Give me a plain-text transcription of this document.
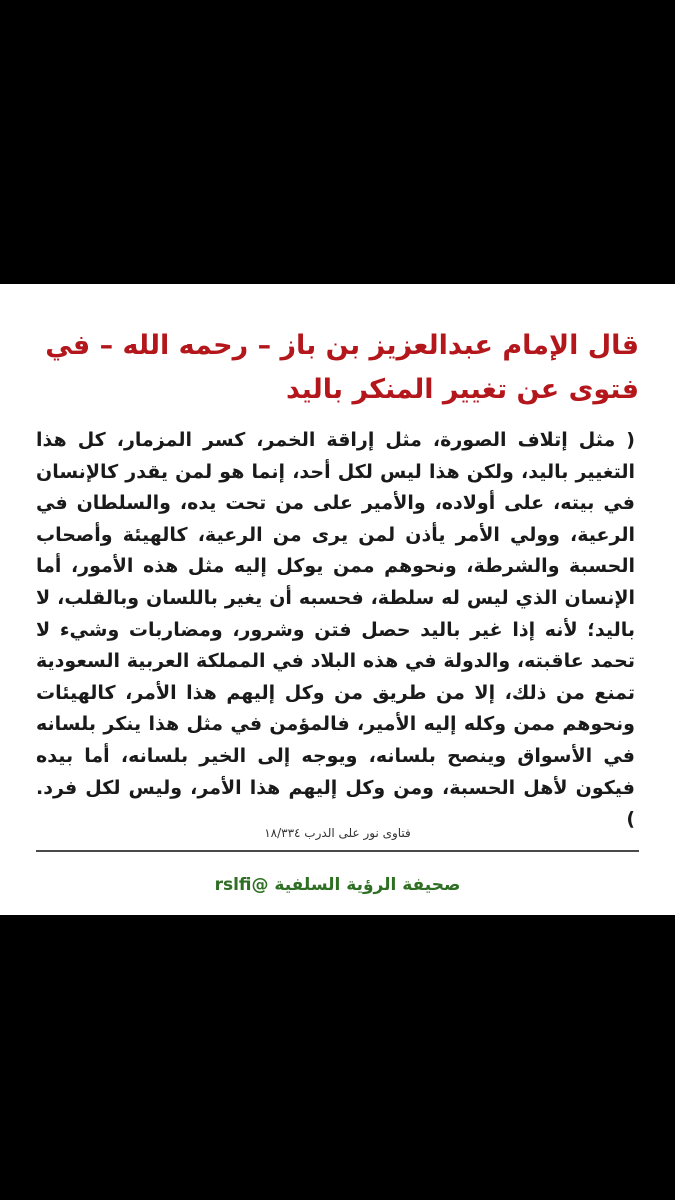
قال الإمام عبدالعزيز بن باز – رحمه الله – في فتوى عن تغيير المنكر باليد

( مثل إتلاف الصورة، مثل إراقة الخمر، كسر المزمار، كل هذا التغيير باليد، ولكن هذا ليس لكل أحد، إنما هو لمن يقدر كالإنسان في بيته، على أولاده، والأمير على من تحت يده، والسلطان في الرعية، وولي الأمر يأذن لمن يرى من الرعية، كالهيئة وأصحاب الحسبة والشرطة، ونحوهم ممن يوكل إليه مثل هذه الأمور، أما الإنسان الذي ليس له سلطة، فحسبه أن يغير باللسان وبالقلب، لا باليد؛ لأنه إذا غير باليد حصل فتن وشرور، ومضاربات وشيء لا تحمد عاقبته، والدولة في هذه البلاد في المملكة العربية السعودية تمنع من ذلك، إلا من طريق من وكل إليهم هذا الأمر، كالهيئات ونحوهم ممن وكله إليه الأمير، فالمؤمن في مثل هذا ينكر بلسانه في الأسواق وينصح بلسانه، ويوجه إلى الخير بلسانه، أما بيده فيكون لأهل الحسبة، ومن وكل إليهم هذا الأمر، وليس لكل فرد. )

فتاوى نور على الدرب ١٨/٣٣٤

صحيفة الرؤية السلفية @rslfi
